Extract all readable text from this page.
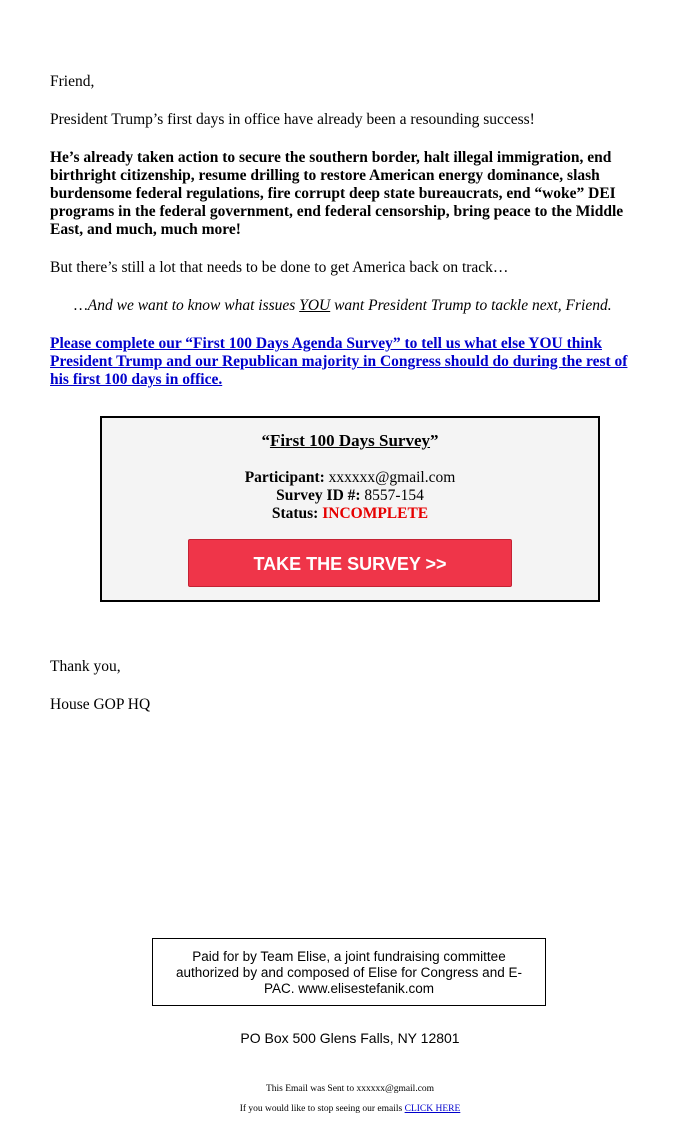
Friend,

President Trump’s first days in office have already been a resounding success!

He’s already taken action to secure the southern border, halt illegal immigration, end birthright citizenship, resume drilling to restore American energy dominance, slash burdensome federal regulations, fire corrupt deep state bureaucrats, end “woke” DEI programs in the federal government, end federal censorship, bring peace to the Middle East, and much, much more!

But there’s still a lot that needs to be done to get America back on track…

…And we want to know what issues YOU want President Trump to tackle next, Friend.

Please complete our “First 100 Days Agenda Survey” to tell us what else YOU think President Trump and our Republican majority in Congress should do during the rest of his first 100 days in office.

Thank you,

House GOP HQ

“First 100 Days Survey”
Participant: xxxxxx@gmail.com
Survey ID #: 8557-154
Status: INCOMPLETE
TAKE THE SURVEY >>
Paid for by Team Elise, a joint fundraising committee authorized by and composed of Elise for Congress and E-PAC. www.elisestefanik.com
PO Box 500 Glens Falls, NY 12801
This Email was Sent to xxxxxx@gmail.com
If you would like to stop seeing our emails CLICK HERE
